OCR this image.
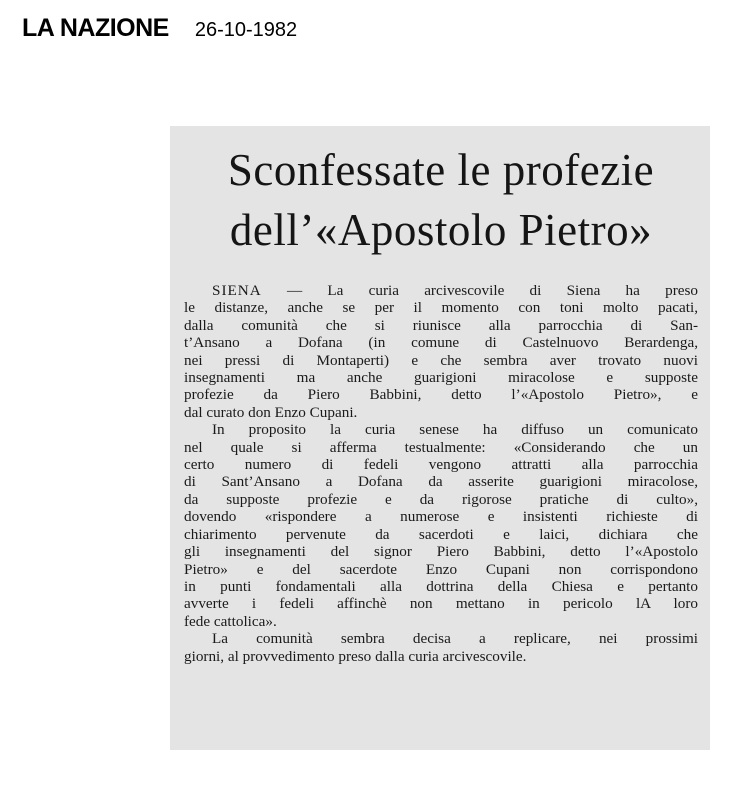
LA NAZIONE 26-10-1982
Sconfessate le profezie
dell’«Apostolo Pietro»
SIENA — La curia arcivescovile di Siena ha preso
le distanze, anche se per il momento con toni molto pacati,
dalla comunità che si riunisce alla parrocchia di San-
t’Ansano a Dofana (in comune di Castelnuovo Berardenga,
nei pressi di Montaperti) e che sembra aver trovato nuovi
insegnamenti ma anche guarigioni miracolose e supposte
profezie da Piero Babbini, detto l’«Apostolo Pietro», e
dal curato don Enzo Cupani.
In proposito la curia senese ha diffuso un comunicato
nel quale si afferma testualmente: «Considerando che un
certo numero di fedeli vengono attratti alla parrocchia
di Sant’Ansano a Dofana da asserite guarigioni miracolose,
da supposte profezie e da rigorose pratiche di culto»,
dovendo «rispondere a numerose e insistenti richieste di
chiarimento pervenute da sacerdoti e laici, dichiara che
gli insegnamenti del signor Piero Babbini, detto l’«Apostolo
Pietro» e del sacerdote Enzo Cupani non corrispondono
in punti fondamentali alla dottrina della Chiesa e pertanto
avverte i fedeli affinchè non mettano in pericolo lA loro
fede cattolica».
La comunità sembra decisa a replicare, nei prossimi
giorni, al provvedimento preso dalla curia arcivescovile.
